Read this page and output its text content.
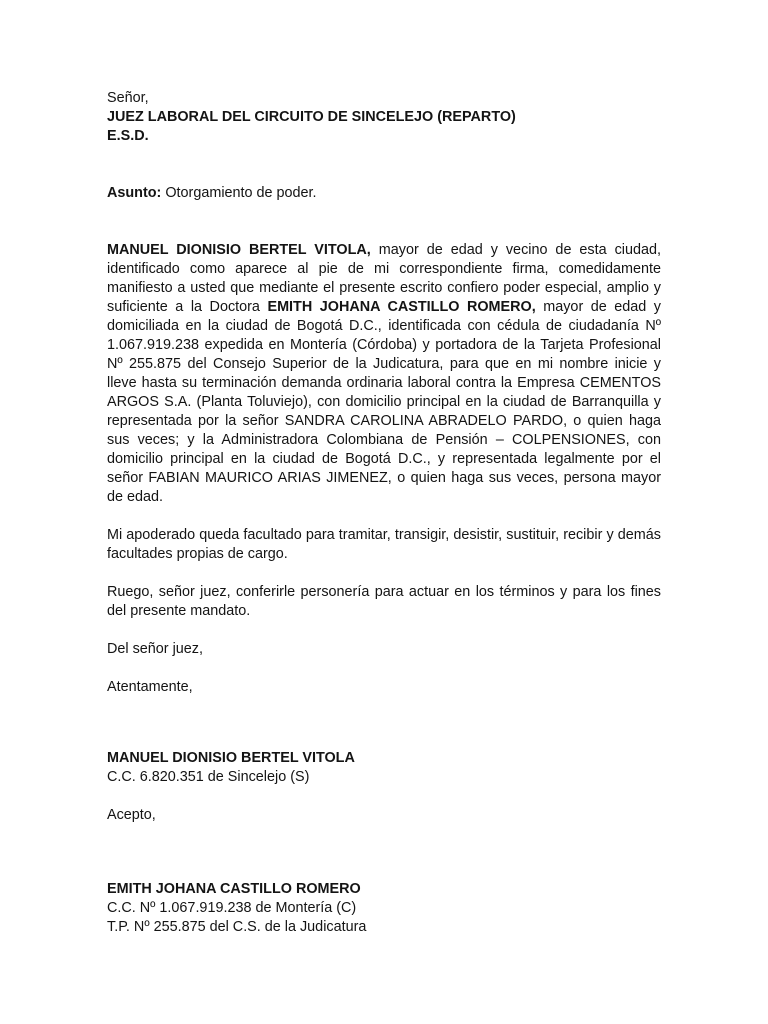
Señor,

JUEZ LABORAL DEL CIRCUITO DE SINCELEJO (REPARTO)

E.S.D.

Asunto: Otorgamiento de poder.

MANUEL DIONISIO BERTEL VITOLA, mayor de edad y vecino de esta ciudad, identificado como aparece al pie de mi correspondiente firma, comedidamente manifiesto a usted que mediante el presente escrito confiero poder especial, amplio y suficiente a la Doctora EMITH JOHANA CASTILLO ROMERO, mayor de edad y domiciliada en la ciudad de Bogotá D.C., identificada con cédula de ciudadanía Nº 1.067.919.238 expedida en Montería (Córdoba) y portadora de la Tarjeta Profesional Nº 255.875 del Consejo Superior de la Judicatura, para que en mi nombre inicie y lleve hasta su terminación demanda ordinaria laboral contra la Empresa CEMENTOS ARGOS S.A. (Planta Toluviejo), con domicilio principal en la ciudad de Barranquilla y representada por la señor SANDRA CAROLINA ABRADELO PARDO, o quien haga sus veces; y la Administradora Colombiana de Pensión – COLPENSIONES, con domicilio principal en la ciudad de Bogotá D.C., y representada legalmente por el señor FABIAN MAURICO ARIAS JIMENEZ, o quien haga sus veces, persona mayor de edad.

Mi apoderado queda facultado para tramitar, transigir, desistir, sustituir, recibir y demás facultades propias de cargo.

Ruego, señor juez, conferirle personería para actuar en los términos y para los fines del presente mandato.

Del señor juez,

Atentamente,

MANUEL DIONISIO BERTEL VITOLA

C.C. 6.820.351 de Sincelejo (S)

Acepto,

EMITH JOHANA CASTILLO ROMERO

C.C. Nº 1.067.919.238 de Montería (C)

T.P. Nº 255.875 del C.S. de la Judicatura
